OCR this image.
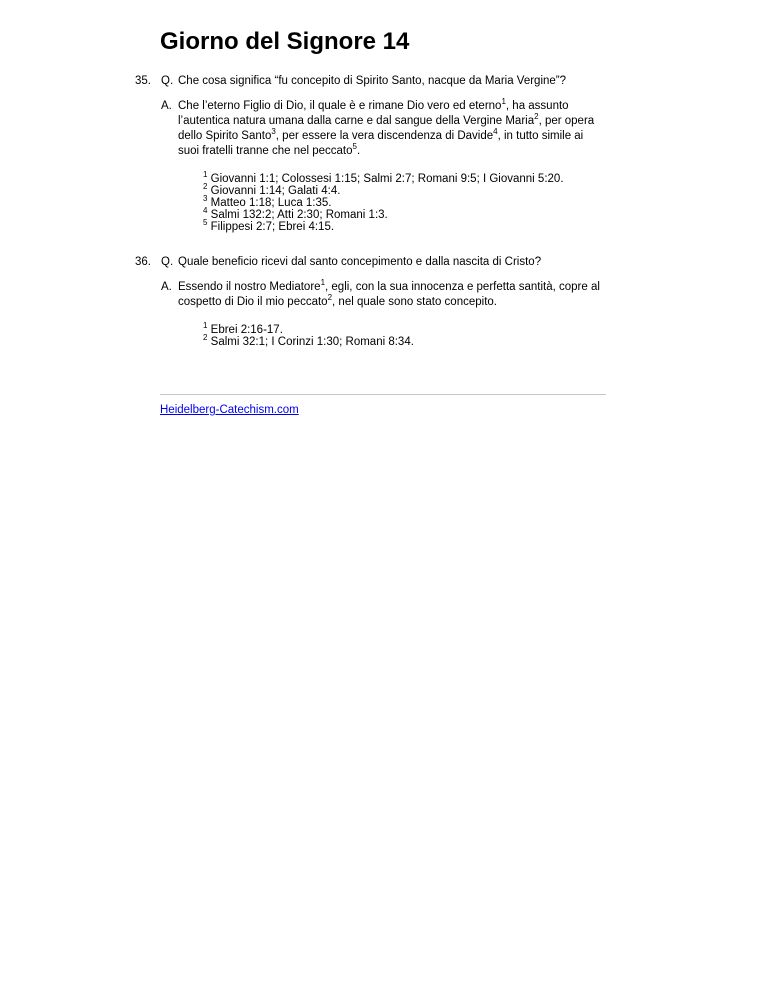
Giorno del Signore 14
35. Q. Che cosa significa “fu concepito di Spirito Santo, nacque da Maria Vergine”?
A. Che l’eterno Figlio di Dio, il quale è e rimane Dio vero ed eterno$^1$, ha assunto l’autentica natura umana dalla carne e dal sangue della Vergine Maria$^2$, per opera dello Spirito Santo$^3$, per essere la vera discendenza di Davide$^4$, in tutto simile ai suoi fratelli tranne che nel peccato$^5$.
$^1$ Giovanni 1:1; Colossesi 1:15; Salmi 2:7; Romani 9:5; I Giovanni 5:20.
$^2$ Giovanni 1:14; Galati 4:4.
$^3$ Matteo 1:18; Luca 1:35.
$^4$ Salmi 132:2; Atti 2:30; Romani 1:3.
$^5$ Filippesi 2:7; Ebrei 4:15.
36. Q. Quale beneficio ricevi dal santo concepimento e dalla nascita di Cristo?
A. Essendo il nostro Mediatore$^1$, egli, con la sua innocenza e perfetta santità, copre al cospetto di Dio il mio peccato$^2$, nel quale sono stato concepito.
$^1$ Ebrei 2:16-17.
$^2$ Salmi 32:1; I Corinzi 1:30; Romani 8:34.
Heidelberg-Catechism.com
